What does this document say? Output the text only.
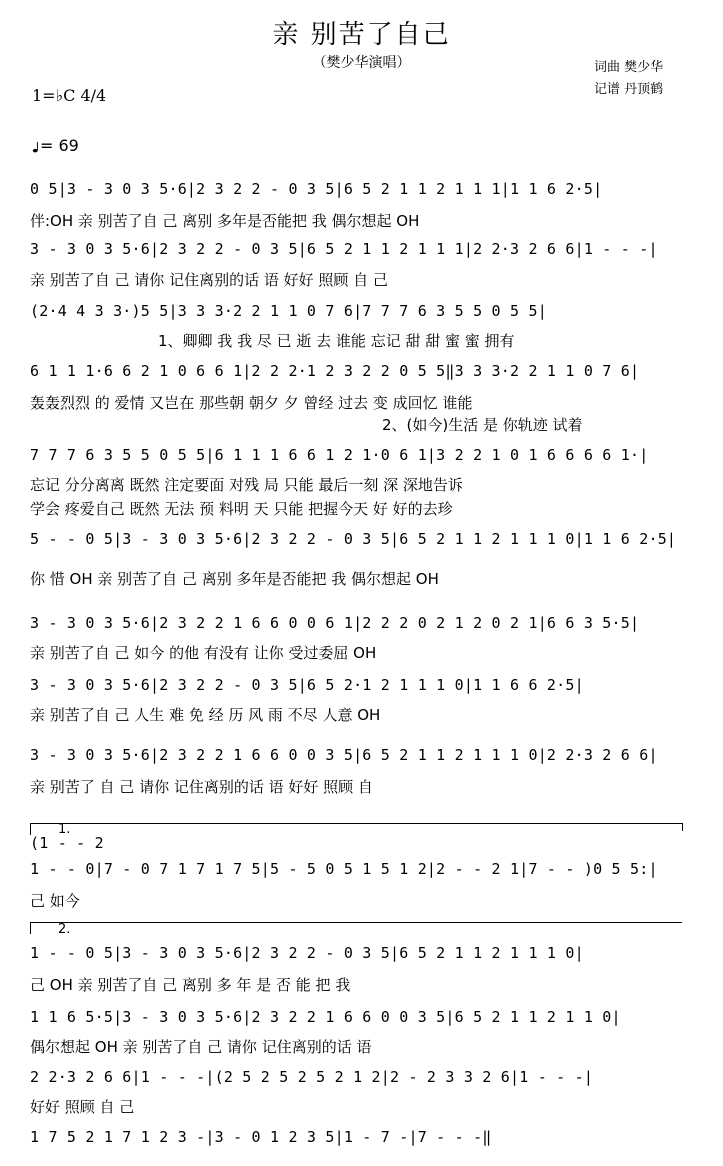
亲 别苦了自己
（樊少华演唱）	词曲 樊少华
记谱 丹顶鹤
1=♭C 4/4
= 69
0 5|3 - 3 0 3 5·6|2 3 2 2 - 0 3 5|6 5 2 1 1 2 1 1 1|1 1 6 2·5|
伴:OH 亲 别苦了自 己 离别 多年是否能把 我 偶尔想起 OH
3 - 3 0 3 5·6|2 3 2 2 - 0 3 5|6 5 2 1 1 2 1 1 1|2 2·3 2 6 6|1 - - -|
亲 别苦了自 己 请你 记住离别的话 语 好好 照顾 自 己
(2·4 4 3 3·)5 5|3 3 3·2 2 1 1 0 7 6|7 7 7 6 3 5 5 0 5 5|
1、卿卿 我 我 尽 已 逝 去 谁能 忘记 甜 甜 蜜 蜜 拥有
6 1 1 1·6 6 2 1 0 6 6 1|2 2 2·1 2 3 2 2 0 5 5‖3 3 3·2 2 1 1 0 7 6|
轰轰烈烈 的 爱情 又岂在 那些朝 朝夕 夕 曾经 过去 变 成回忆 谁能
2、(如今)生活 是 你轨迹 试着
7 7 7 6 3 5 5 0 5 5|6 1 1 1 6 6 1 2 1·0 6 1|3 2 2 1 0 1 6 6 6 6 1·|
忘记 分分离离 既然 注定要面 对残 局 只能 最后一刻 深 深地告诉
学会 疼爱自己 既然 无法 预 料明 天 只能 把握今天 好 好的去珍
5 - - 0 5|3 - 3 0 3 5·6|2 3 2 2 - 0 3 5|6 5 2 1 1 2 1 1 1 0|1 1 6 2·5|
你 惜 OH 亲 别苦了自 己 离别 多年是否能把 我 偶尔想起 OH
3 - 3 0 3 5·6|2 3 2 2 1 6 6 0 0 6 1|2 2 2 0 2 1 2 0 2 1|6 6 3 5·5|
亲 别苦了自 己 如今 的他 有没有 让你 受过委屈 OH
3 - 3 0 3 5·6|2 3 2 2 - 0 3 5|6 5 2·1 2 1 1 1 0|1 1 6 6 2·5|
亲 别苦了自 己 人生 难 免 经 历 风 雨 不尽 人意 OH
3 - 3 0 3 5·6|2 3 2 2 1 6 6 0 0 3 5|6 5 2 1 1 2 1 1 1 0|2 2·3 2 6 6|
亲 别苦了 自 己 请你 记住离别的话 语 好好 照顾 自
1.
(1 - - 2
1 - - 0|7 - 0 7 1 7 1 7 5|5 - 5 0 5 1 5 1 2|2 - - 2 1|7 - - )0 5 5:|
己 如今
2.
1 - - 0 5|3 - 3 0 3 5·6|2 3 2 2 - 0 3 5|6 5 2 1 1 2 1 1 1 0|
己 OH 亲 别苦了自 己 离别 多 年 是 否 能 把 我
1 1 6 5·5|3 - 3 0 3 5·6|2 3 2 2 1 6 6 0 0 3 5|6 5 2 1 1 2 1 1 0|
偶尔想起 OH 亲 别苦了自 己 请你 记住离别的话 语
2 2·3 2 6 6|1 - - -|(2 5 2 5 2 5 2 1 2|2 - 2 3 3 2 6|1 - - -|
好好 照顾 自 己
1 7 5 2 1 7 1 2 3 -|3 - 0 1 2 3 5|1 - 7 -|7 - - -‖
